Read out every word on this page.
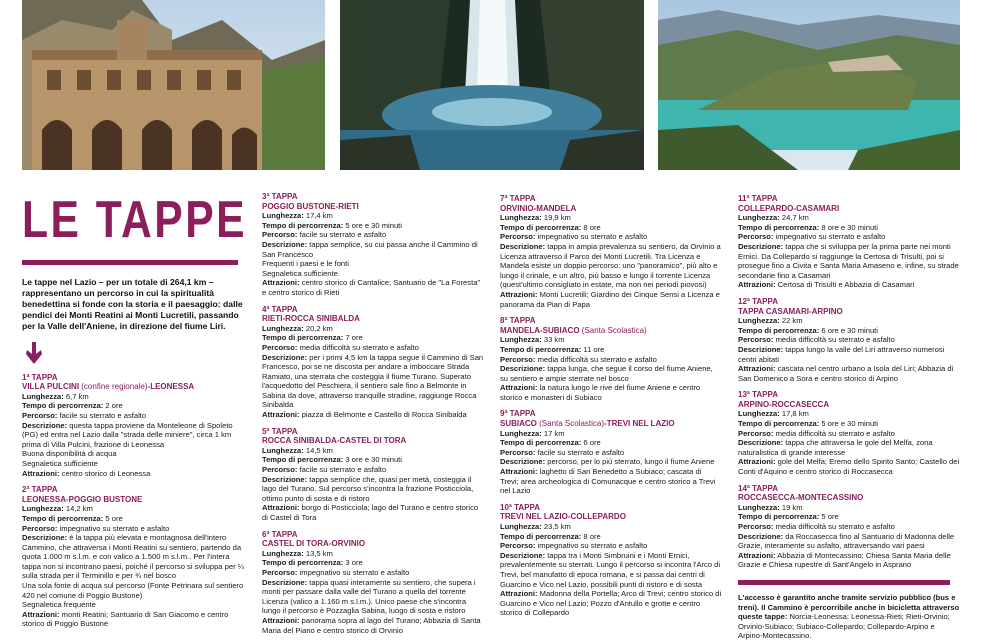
LE TAPPE
Le tappe nel Lazio – per un totale di 264,1 km – rappresentano un percorso in cui la spiritualità benedettina si fonde con la storia e il paesaggio: dalle pendici dei Monti Reatini ai Monti Lucretili, passando per la Valle dell'Aniene, in direzione del fiume Liri.
1ª TAPPA
VILLA PULCINI (confine regionale)-LEONESSA

Lunghezza: 6,7 km

Tempo di percorrenza: 2 ore

Percorso: facile su sterrato e asfalto

Descrizione: questa tappa proviene da Monteleone di Spoleto (PG) ed entra nel Lazio dalla "strada delle miniere", circa 1 km prima di Villa Pulcini, frazione di Leonessa

Buona disponibilità di acqua

Segnaletica sufficiente

Attrazioni: centro storico di Leonessa

2ª TAPPA
LEONESSA-POGGIO BUSTONE

Lunghezza: 14,2 km

Tempo di percorrenza: 5 ore

Percorso: impegnativo su sterrato e asfalto

Descrizione: è la tappa più elevata e montagnosa dell'intero Cammino, che attraversa i Monti Reatini su sentiero, partendo da quota 1.000 m s.l.m. e con valico a 1.500 m s.l.m.. Per l'intera tappa non si incontrano paesi, poiché il percorso si sviluppa per ¼ sulla strada per il Terminillo e per ¾ nel bosco

Una sola fonte di acqua sul percorso (Fonte Petrinara sul sentiero 420 nel comune di Poggio Bustone)

Segnaletica frequente

Attrazioni: monti Reatini; Santuario di San Giacomo e centro storico di Poggio Bustone

3ª TAPPA
POGGIO BUSTONE-RIETI

Lunghezza: 17,4 km

Tempo di percorrenza: 5 ore e 30 minuti

Percorso: facile su sterrato e asfalto

Descrizione: tappa semplice, su cui passa anche il Cammino di San Francesco

Frequenti i paesi e le fonti

Segnaletica sufficiente

Attrazioni: centro storico di Cantalice; Santuario de "La Foresta" e centro storico di Rieti

4ª TAPPA
RIETI-ROCCA SINIBALDA

Lunghezza: 20,2 km

Tempo di percorrenza: 7 ore

Percorso: media difficoltà su sterrato e asfalto

Descrizione: per i primi 4,5 km la tappa segue il Cammino di San Francesco, poi se ne discosta per andare a imboccare Strada Ramiato, una sterrata che costeggia il fiume Turano. Superato l'acquedotto del Peschiera, il sentiero sale fino a Belmonte in Sabina da dove, attraverso tranquille stradine, raggiunge Rocca Sinibalda

Attrazioni: piazza di Belmonte e Castello di Rocca Sinibalda

5ª TAPPA
ROCCA SINIBALDA-CASTEL DI TORA

Lunghezza: 14,5 km

Tempo di percorrenza: 3 ore e 30 minuti

Percorso: facile su sterrato e asfalto

Descrizione: tappa semplice che, quasi per metà, costeggia il lago del Turano. Sul percorso s'incontra la frazione Posticciola, ottimo punto di sosta e di ristoro

Attrazioni: borgo di Posticciola; lago del Turano e centro storico di Castel di Tora

6ª TAPPA
CASTEL DI TORA-ORVINIO

Lunghezza: 13,5 km

Tempo di percorrenza: 3 ore

Percorso: impegnativo su sterrato e asfalto

Descrizione: tappa quasi interamente su sentiero, che supera i monti per passare dalla valle del Turano a quella del torrente Licenza (valico a 1.160 m s.l.m.). Unico paese che s'incontra lungo il percorso è Pozzaglia Sabina, luogo di sosta e ristoro

Attrazioni: panorama sopra al lago del Turano; Abbazia di Santa Maria del Piano e centro storico di Orvinio

7ª TAPPA
ORVINIO-MANDELA

Lunghezza: 19,9 km

Tempo di percorrenza: 8 ore

Percorso: impegnativo su sterrato e asfalto

Descrizione: tappa in ampia prevalenza su sentiero, da Orvinio a Licenza attraverso il Parco dei Monti Lucretili. Tra Licenza e Mandela esiste un doppio percorso: uno "panoramico", più alto e lungo il crinale, e un altro, più basso e lungo il torrente Licenza (quest'ultimo consigliato in estate, ma non nei periodi piovosi)

Attrazioni: Monti Lucretili; Giardino dei Cinque Sensi a Licenza e panorama da Pian di Papa

8ª TAPPA
MANDELA-SUBIACO (Santa Scolastica)

Lunghezza: 33 km

Tempo di percorrenza: 11 ore

Percorso: media difficoltà su sterrato e asfalto

Descrizione: tappa lunga, che segue il corso del fiume Aniene, su sentiero e ampie sterrate nel bosco

Attrazioni: la natura lungo le rive del fiume Aniene e centro storico e monasteri di Subiaco

9ª TAPPA
SUBIACO (Santa Scolastica)-TREVI NEL LAZIO

Lunghezza: 17 km

Tempo di percorrenza: 6 ore

Percorso: facile su sterrato e asfalto

Descrizione: percorso, per lo più sterrato, lungo il fiume Aniene

Attrazioni: laghetto di San Benedetto a Subiaco; cascata di Trevi; area archeologica di Comunacque e centro storico a Trevi nel Lazio

10ª TAPPA
TREVI NEL LAZIO-COLLEPARDO

Lunghezza: 23,5 km

Tempo di percorrenza: 8 ore

Percorso: impegnativo su sterrato e asfalto

Descrizione: tappa tra i Monti Simbruini e i Monti Ernici, prevalentemente su sterrati. Lungo il percorso si incontra l'Arco di Trevi, bel manufatto di epoca romana, e si passa dai centri di Guarcino e Vico nel Lazio, possibili punti di ristoro e di sosta

Attrazioni: Madonna della Portella; Arco di Trevi; centro storico di Guarcino e Vico nel Lazio; Pozzo d'Antullo e grotte e centro storico di Collepardo

11ª TAPPA
COLLEPARDO-CASAMARI

Lunghezza: 24,7 km

Tempo di percorrenza: 8 ore e 30 minuti

Percorso: impegnativo su sterrato e asfalto

Descrizione: tappa che si sviluppa per la prima parte nei monti Ernici. Da Collepardo si raggiunge la Certosa di Trisulti, poi si prosegue fino a Civita e Santa Maria Amaseno e, infine, su strade secondarie fino a Casamari

Attrazioni: Certosa di Trisulti e Abbazia di Casamari

12ª TAPPA
TAPPA CASAMARI-ARPINO

Lunghezza: 22 km

Tempo di percorrenza: 6 ore e 30 minuti

Percorso: media difficoltà su sterrato e asfalto

Descrizione: tappa lungo la valle del Liri attraverso numerosi centri abitati

Attrazioni: cascata nel centro urbano a Isola del Liri; Abbazia di San Domenico a Sora e centro storico di Arpino

13ª TAPPA
ARPINO-ROCCASECCA

Lunghezza: 17,8 km

Tempo di percorrenza: 5 ore e 30 minuti

Percorso: media difficoltà su sterrato e asfalto

Descrizione: tappa che attraversa le gole del Melfa, zona naturalistica di grande interesse

Attrazioni: gole del Melfa; Eremo dello Spirito Santo; Castello dei Conti d'Aquino e centro storico di Roccasecca

14ª TAPPA
ROCCASECCA-MONTECASSINO

Lunghezza: 19 km

Tempo di percorrenza: 5 ore

Percorso: media difficoltà su sterrato e asfalto

Descrizione: da Roccasecca fino al Santuario di Madonna delle Grazie, interamente su asfalto, attraversando vari paesi

Attrazioni: Abbazia di Montecassino; Chiesa Santa Maria delle Grazie e Chiesa rupestre di Sant'Angelo in Asprano

L'accesso è garantito anche tramite servizio pubblico (bus e treni). Il Cammino è percorribile anche in bicicletta attraverso queste tappe: Norcia-Leonessa; Leonessa-Rieti; Rieti-Orvinio; Orvinio-Subiaco; Subiaco-Collepardo; Collepardo-Arpino e Arpino-Montecassino.
